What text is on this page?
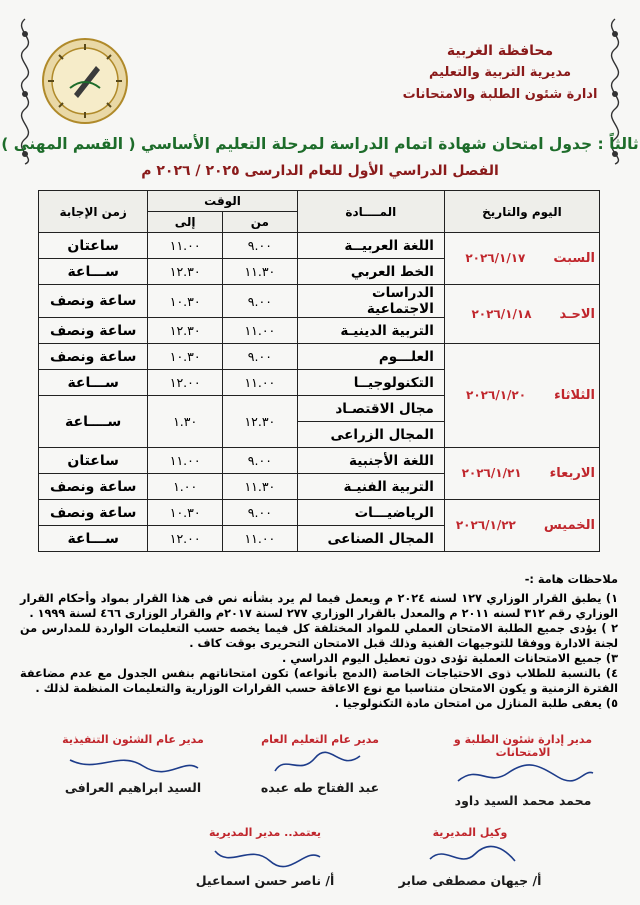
محافظة الغربية
مديرية التربية والتعليم
ادارة شئون الطلبة والامتحانات
ثالثاً : جدول امتحان شهادة اتمام الدراسة لمرحلة التعليم الأساسي ( القسم المهنى )
الفصل الدراسي الأول للعام الدارسى ٢٠٢٥ / ٢٠٢٦ م
اليوم والتاريخ	المــــادة	الوقت		زمن الإجابة
		من	إلى	
السبت٢٠٢٦/١/١٧	اللغة العربيــة	٩.٠٠	١١.٠٠	ساعتان
	الخط العربي	١١.٣٠	١٢.٣٠	ســـاعة
الاحـد٢٠٢٦/١/١٨	الدراسات الاجتماعية	٩.٠٠	١٠.٣٠	ساعة ونصف
	التربية الدينيـة	١١.٠٠	١٢.٣٠	ساعة ونصف
الثلاثاء٢٠٢٦/١/٢٠	العلـــوم	٩.٠٠	١٠.٣٠	ساعة ونصف
	التكنولوجيــا	١١.٠٠	١٢.٠٠	ســـاعة
	مجال الاقتصـاد	١٢.٣٠	١.٣٠	ســــاعة
	المجال الزراعى			
الاربعاء٢٠٢٦/١/٢١	اللغة الأجنبية	٩.٠٠	١١.٠٠	ساعتان
	التربية الفنيـة	١١.٣٠	١.٠٠	ساعة ونصف
الخميس٢٠٢٦/١/٢٢	الرياضيـــات	٩.٠٠	١٠.٣٠	ساعة ونصف
	المجال الصناعى	١١.٠٠	١٢.٠٠	ســـاعة
ملاحظات هامة :-
١) يطبق القرار الوزاري ١٢٧ لسنه ٢٠٢٤ م ويعمل فيما لم يرد بشأنه نص فى هذا القرار بمواد وأحكام القرار الوزاري رقم ٣١٢ لسنه ٢٠١١ م والمعدل بالقرار الوزاري ٢٧٧ لسنة ٢٠١٧م والقرار الوزارى ٤٦٦ لسنة ١٩٩٩ .
٢ ) يؤدى جميع الطلبة الامتحان العملي للمواد المختلفة كل فيما يخصه حسب التعليمات الواردة للمدارس من لجنة الادارة ووفقا للتوجيهات الفنية وذلك قبل الامتحان التحريرى بوقت كاف .
٣) جميع الامتحانات العملية تؤدى دون تعطيل اليوم الدراسي .
٤) بالنسبة للطلاب ذوى الاحتياجات الخاصة (الدمج بأنواعه) تكون امتحاناتهم بنفس الجدول مع عدم مضاعفة الفترة الزمنية و يكون الامتحان متناسبا مع نوع الاعاقة حسب القرارات الوزارية والتعليمات المنظمة لذلك .
٥) يعفى طلبة المنازل من امتحان مادة التكنولوجيا .
مدير إدارة شئون الطلبة و الامتحانات
محمد محمد السيد داود
مدير عام التعليم العام
عبد الفتاح طه عبده
مدير عام الشئون التنفيذية
السيد ابراهيم العرافى
وكيل المديرية
أ/ جيهان مصطفى صابر
يعتمد.. مدير المديرية
أ/ ناصر حسن اسماعيل
